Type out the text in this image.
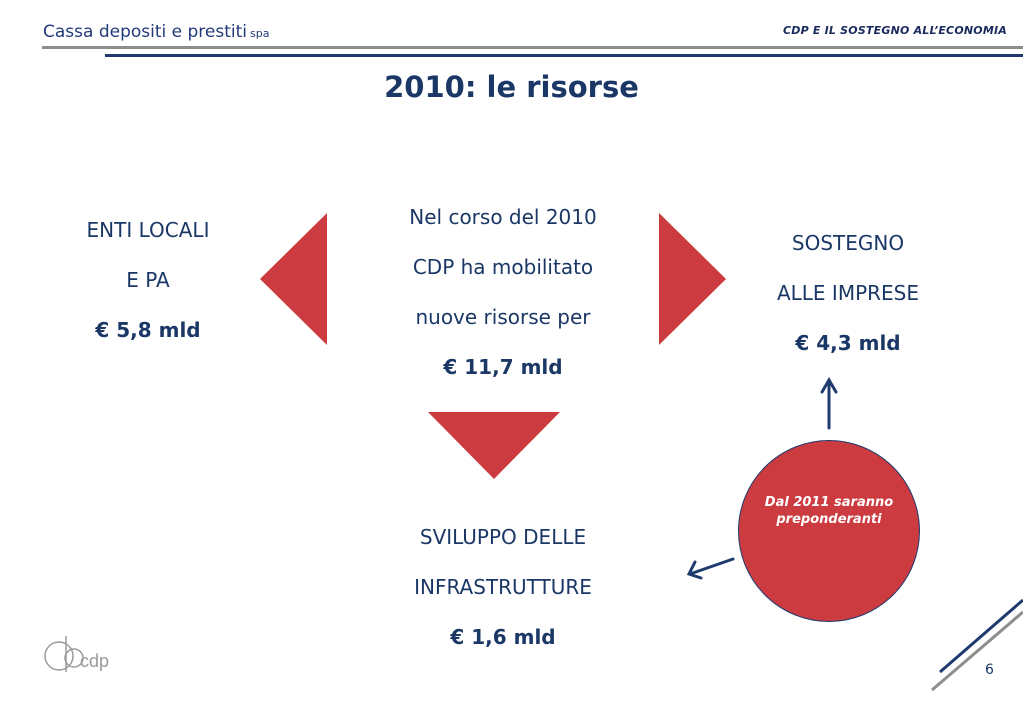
Cassa depositi e prestiti spa	CDP E IL SOSTEGNO ALL’ECONOMIA
2010: le risorse
cdp
Nel corso del 2010
CDP ha mobilitato
nuove risorse per
€ 11,7 mld
ENTI LOCALI
E PA
€ 5,8 mld
SOSTEGNO
ALLE IMPRESE
€ 4,3 mld
SVILUPPO DELLE
INFRASTRUTTURE
€ 1,6 mld
Dal 2011 saranno preponderanti
6
